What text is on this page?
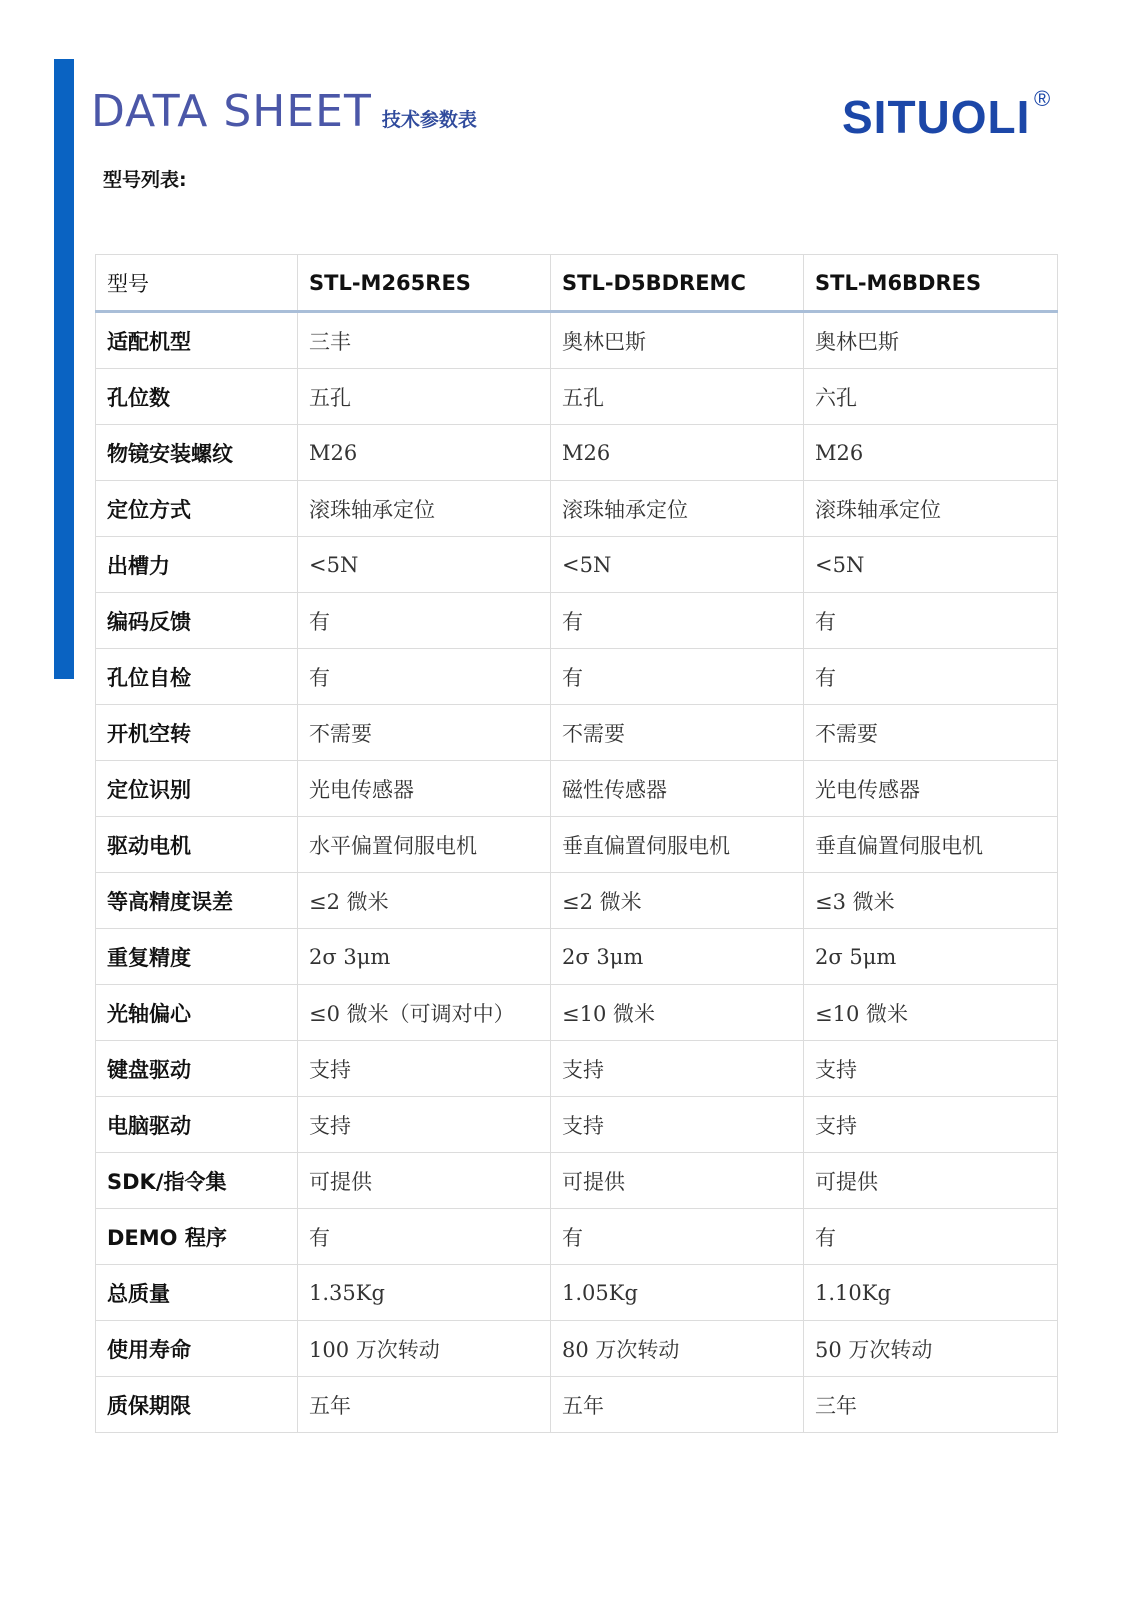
DATA SHEET 技术参数表	SITUOLI ®
型号列表:
型号	STL-M265RES	STL-D5BDREMC	STL-M6BDRES
适配机型	三丰	奥林巴斯	奥林巴斯
孔位数	五孔	五孔	六孔
物镜安装螺纹	M26	M26	M26
定位方式	滚珠轴承定位	滚珠轴承定位	滚珠轴承定位
出槽力	<5N	<5N	<5N
编码反馈	有	有	有
孔位自检	有	有	有
开机空转	不需要	不需要	不需要
定位识别	光电传感器	磁性传感器	光电传感器
驱动电机	水平偏置伺服电机	垂直偏置伺服电机	垂直偏置伺服电机
等高精度误差	≤2 微米	≤2 微米	≤3 微米
重复精度	2σ 3μm	2σ 3μm	2σ 5μm
光轴偏心	≤0 微米（可调对中）	≤10 微米	≤10 微米
键盘驱动	支持	支持	支持
电脑驱动	支持	支持	支持
SDK/指令集	可提供	可提供	可提供
DEMO 程序	有	有	有
总质量	1.35Kg	1.05Kg	1.10Kg
使用寿命	100 万次转动	80 万次转动	50 万次转动
质保期限	五年	五年	三年
